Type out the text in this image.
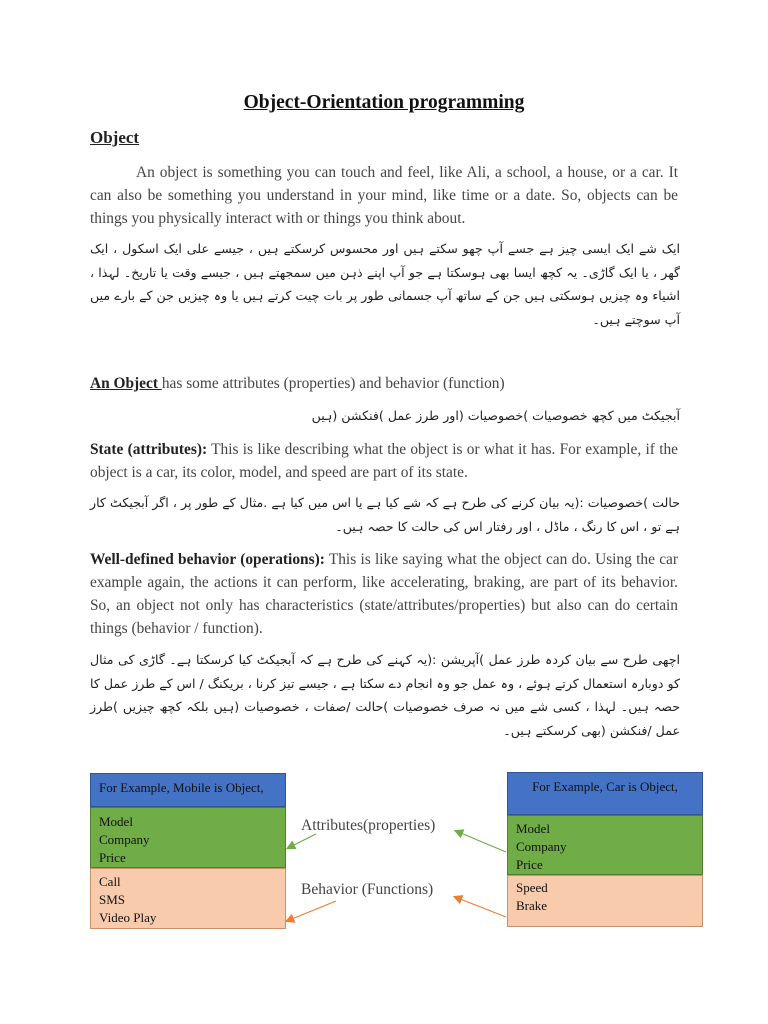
Object-Orientation programming
Object
An object is something you can touch and feel, like Ali, a school, a house, or a car. It can also be something you understand in your mind, like time or a date. So, objects can be things you physically interact with or things you think about.
ایک شے ایک ایسی چیز ہے جسے آپ چھو سکتے ہیں اور محسوس کرسکتے ہیں ، جیسے علی ایک اسکول ، ایک گھر ، یا ایک گاڑی۔ یہ کچھ ایسا بھی ہوسکتا ہے جو آپ اپنے ذہن میں سمجھتے ہیں ، جیسے وقت یا تاریخ۔ لہذا ، اشیاء وہ چیزیں ہوسکتی ہیں جن کے ساتھ آپ جسمانی طور پر بات چیت کرتے ہیں یا وہ چیزیں جن کے بارے میں آپ سوچتے ہیں۔
An Object has some attributes (properties) and behavior (function)
آبجیکٹ میں کچھ خصوصیات )خصوصیات (اور طرز عمل )فنکشن (ہیں
State (attributes): This is like describing what the object is or what it has. For example, if the object is a car, its color, model, and speed are part of its state.
حالت )خصوصیات :(یہ بیان کرنے کی طرح ہے کہ شے کیا ہے یا اس میں کیا ہے .مثال کے طور پر ، اگر آبجیکٹ کار ہے تو ، اس کا رنگ ، ماڈل ، اور رفتار اس کی حالت کا حصہ ہیں۔
Well-defined behavior (operations): This is like saying what the object can do. Using the car example again, the actions it can perform, like accelerating, braking, are part of its behavior. So, an object not only has characteristics (state/attributes/properties) but also can do certain things (behavior / function).
اچھی طرح سے بیان کردہ طرز عمل )آپریشن :(یہ کہنے کی طرح ہے کہ آبجیکٹ کیا کرسکتا ہے۔ گاڑی کی مثال کو دوبارہ استعمال کرتے ہوئے ، وہ عمل جو وہ انجام دے سکتا ہے ، جیسے تیز کرنا ، بریکنگ / اس کے طرز عمل کا حصہ ہیں۔ لہذا ، کسی شے میں نہ صرف خصوصیات )حالت /صفات ، خصوصیات (ہیں بلکہ کچھ چیزیں )طرز عمل /فنکشن (بھی کرسکتے ہیں۔
For Example, Mobile is Object,
Model
Company
Price
Call
SMS
Video Play
For Example, Car is Object,
Model
Company
Price
Speed
Brake
Attributes(properties)
Behavior (Functions)
